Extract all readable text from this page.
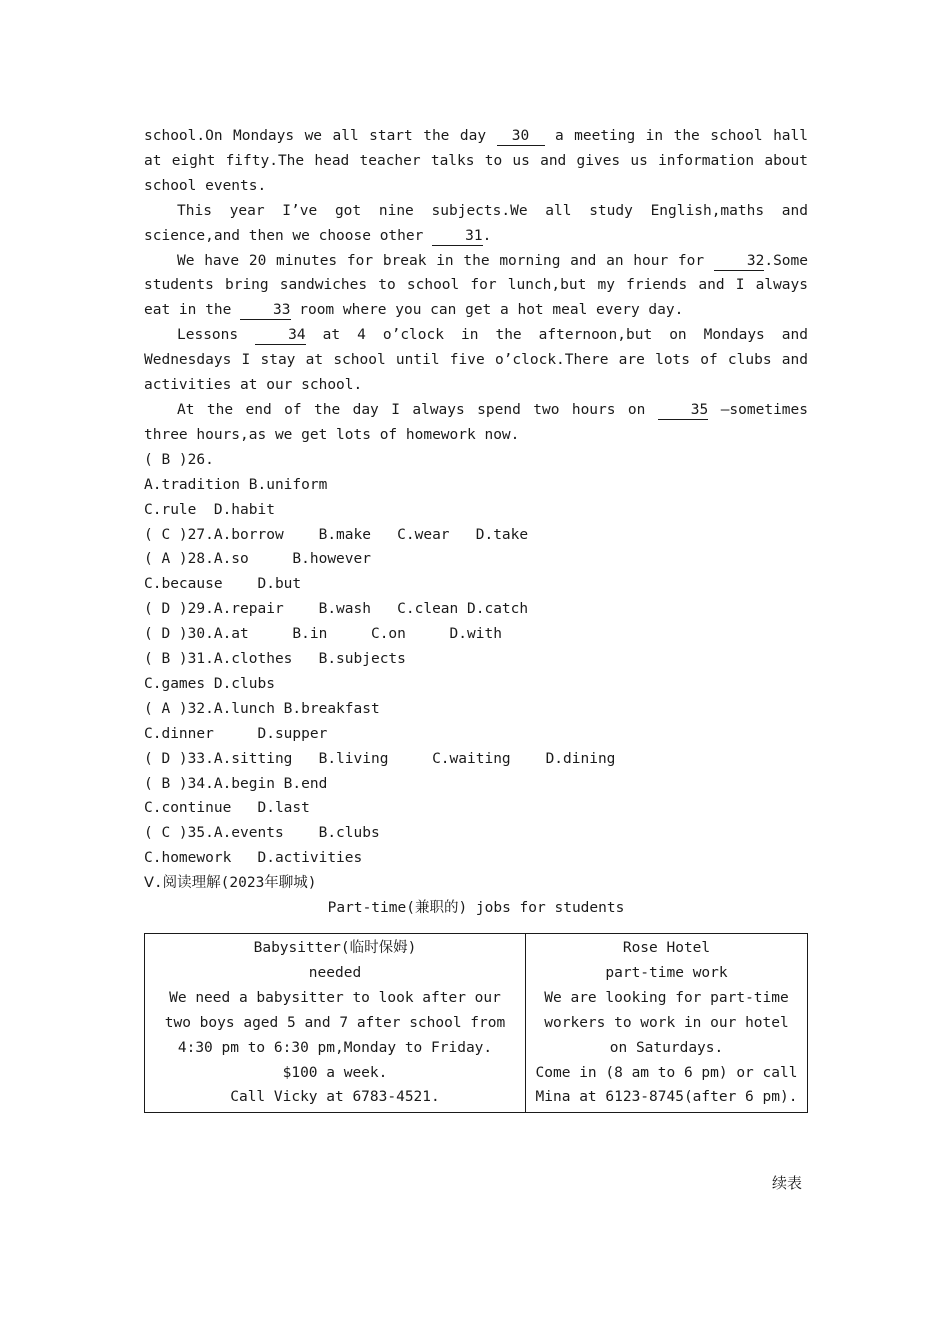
school.On Mondays we all start the day 30 a meeting in the school hall at eight fifty.The head teacher talks to us and gives us information about school events.

This year I’ve got nine subjects.We all study English,maths and science,and then we choose other 31.

We have 20 minutes for break in the morning and an hour for 32.Some students bring sandwiches to school for lunch,but my friends and I always eat in the 33 room where you can get a hot meal every day.

Lessons 34 at 4 o’clock in the afternoon,but on Mondays and Wednesdays I stay at school until five o’clock.There are lots of clubs and activities at our school.

At the end of the day I always spend two hours on 35 —sometimes three hours,as we get lots of homework now.

( B )26.

A.tradition B.uniform

C.rule  D.habit

( C )27.A.borrow    B.make   C.wear   D.take

( A )28.A.so     B.however

C.because    D.but

( D )29.A.repair    B.wash   C.clean D.catch

( D )30.A.at     B.in     C.on     D.with

( B )31.A.clothes   B.subjects

C.games D.clubs

( A )32.A.lunch B.breakfast

C.dinner     D.supper

( D )33.A.sitting   B.living     C.waiting    D.dining

( B )34.A.begin B.end

C.continue   D.last

( C )35.A.events    B.clubs

C.homework   D.activities

Ⅴ.阅读理解(2023年聊城)

Part-time(兼职的) jobs for students

Babysitter(临时保姆)
needed
We need a babysitter to look after our two boys aged 5 and 7 after school from 4:30 pm to 6:30 pm,Monday to Friday.
$100 a week.
Call Vicky at 6783-4521.

Rose Hotel
part-time work
We are looking for part-time workers to work in our hotel on Saturdays.
Come in (8 am to 6 pm) or call Mina at 6123-8745(after 6 pm).
续表
